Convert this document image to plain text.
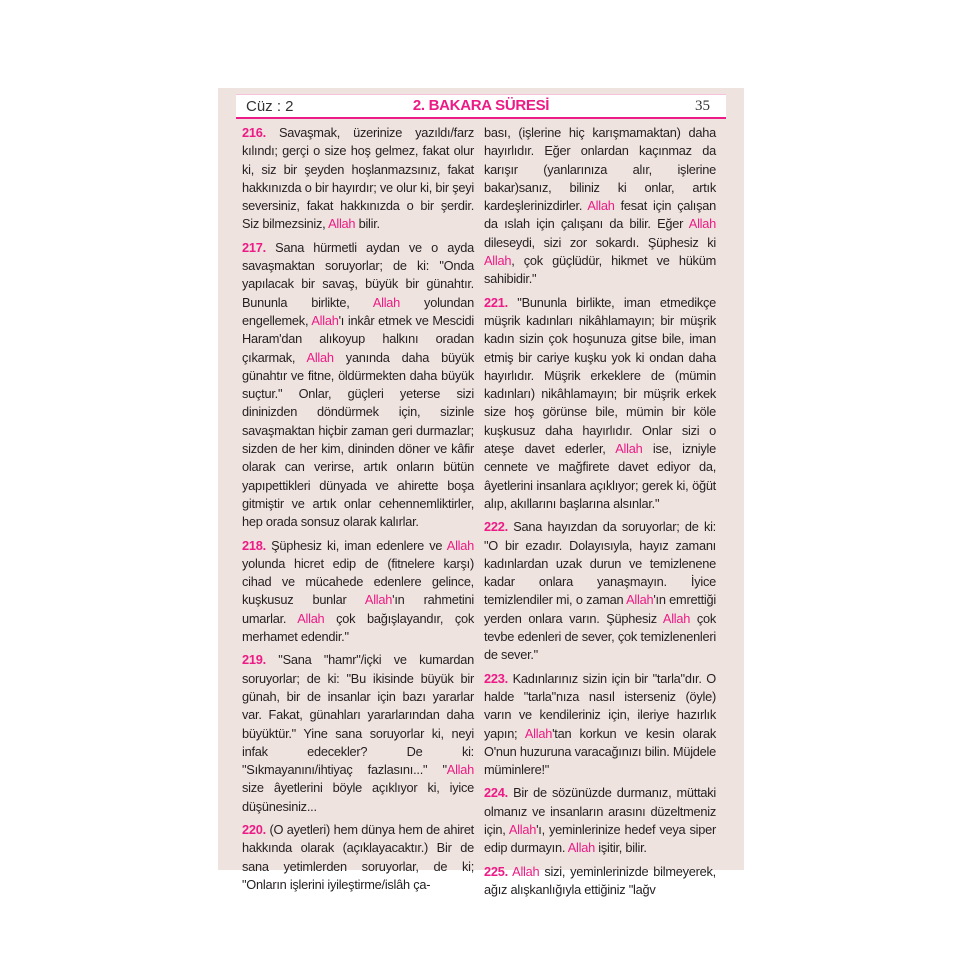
Cüz : 2	2. BAKARA SÜRESİ	35

216. Savaşmak, üzerinize yazıldı/farz kılındı; gerçi o size hoş gelmez, fakat olur ki, siz bir şeyden hoşlanmazsınız, fakat hakkınızda o bir hayırdır; ve olur ki, bir şeyi seversiniz, fakat hakkınızda o bir şerdir. Siz bilmezsiniz, Allah bilir.

217. Sana hürmetli aydan ve o ayda savaşmaktan soruyorlar; de ki: "Onda yapılacak bir savaş, büyük bir günahtır. Bununla birlikte, Allah yolundan engellemek, Allah'ı inkâr etmek ve Mescidi Haram'dan alıkoyup halkını oradan çıkarmak, Allah yanında daha büyük günahtır ve fitne, öldürmekten daha büyük suçtur." Onlar, güçleri yeterse sizi dininizden döndürmek için, sizinle savaşmaktan hiçbir zaman geri durmazlar; sizden de her kim, dininden döner ve kâfir olarak can verirse, artık onların bütün yapıpettikleri dünyada ve ahirette boşa gitmiştir ve artık onlar cehennemliktirler, hep orada sonsuz olarak kalırlar.

218. Şüphesiz ki, iman edenlere ve Allah yolunda hicret edip de (fitnelere karşı) cihad ve mücahede edenlere gelince, kuşkusuz bunlar Allah'ın rahmetini umarlar. Allah çok bağışlayandır, çok merhamet edendir."

219. "Sana "hamr"/içki ve kumardan soruyorlar; de ki: "Bu ikisinde büyük bir günah, bir de insanlar için bazı yararlar var. Fakat, günahları yararlarından daha büyüktür." Yine sana soruyorlar ki, neyi infak edecekler? De ki: "Sıkmayanını/ihtiyaç fazlasını..." "Allah size âyetlerini böyle açıklıyor ki, iyice düşünesiniz...

220. (O ayetleri) hem dünya hem de ahiret hakkında olarak (açıklayacaktır.) Bir de sana yetimlerden soruyorlar, de ki; "Onların işlerini iyileştirme/islâh ça-

bası, (işlerine hiç karışmamaktan) daha hayırlıdır. Eğer onlardan kaçınmaz da karışır (yanlarınıza alır, işlerine bakar)sanız, biliniz ki onlar, artık kardeşlerinizdirler. Allah fesat için çalışan da ıslah için çalışanı da bilir. Eğer Allah dileseydi, sizi zor sokardı. Şüphesiz ki Allah, çok güçlüdür, hikmet ve hüküm sahibidir."

221. "Bununla birlikte, iman etmedikçe müşrik kadınları nikâhlamayın; bir müşrik kadın sizin çok hoşunuza gitse bile, iman etmiş bir cariye kuşku yok ki ondan daha hayırlıdır. Müşrik erkeklere de (mümin kadınları) nikâhlamayın; bir müşrik erkek size hoş görünse bile, mümin bir köle kuşkusuz daha hayırlıdır. Onlar sizi o ateşe davet ederler, Allah ise, izniyle cennete ve mağfirete davet ediyor da, âyetlerini insanlara açıklıyor; gerek ki, öğüt alıp, akıllarını başlarına alsınlar."

222. Sana hayızdan da soruyorlar; de ki: "O bir ezadır. Dolayısıyla, hayız zamanı kadınlardan uzak durun ve temizlenene kadar onlara yanaşmayın. İyice temizlendiler mi, o zaman Allah'ın emrettiği yerden onlara varın. Şüphesiz Allah çok tevbe edenleri de sever, çok temizlenenleri de sever."

223. Kadınlarınız sizin için bir "tarla"dır. O halde "tarla"nıza nasıl isterseniz (öyle) varın ve kendileriniz için, ileriye hazırlık yapın; Allah'tan korkun ve kesin olarak O'nun huzuruna varacağınızı bilin. Müjdele müminlere!"

224. Bir de sözünüzde durmanız, müttaki olmanız ve insanların arasını düzeltmeniz için, Allah'ı, yeminlerinize hedef veya siper edip durmayın. Allah işitir, bilir.

225. Allah sizi, yeminlerinizde bilmeyerek, ağız alışkanlığıyla ettiğiniz "lağv
